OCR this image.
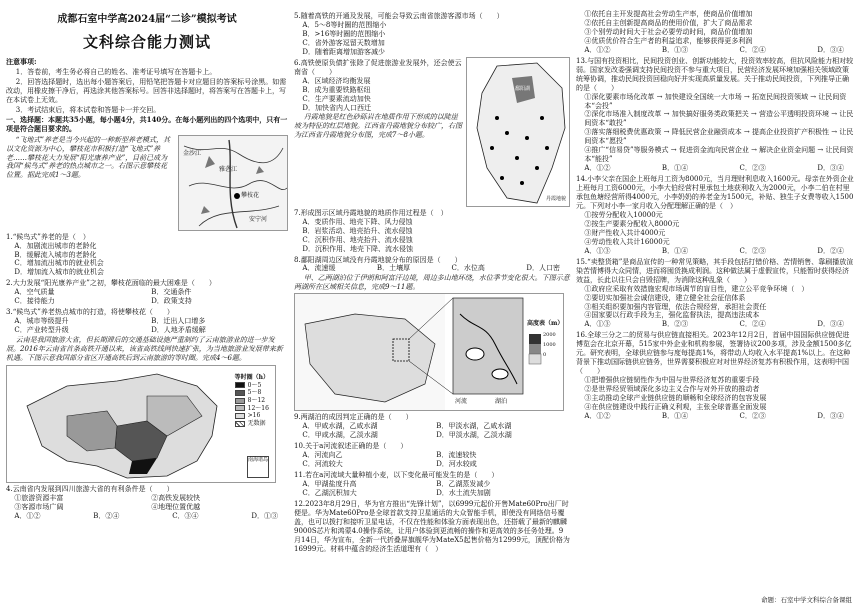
成都石室中学高2024届“二诊”模拟考试
文科综合能力测试
注意事项:
1．答卷前，考生务必将自己的姓名、准考证号填写在答题卡上。
2．回答选择题时，选出每小题答案后，用铅笔把答题卡对应题目的答案标号涂黑。如需改动，用橡皮擦干净后，再选涂其他答案标号。回答非选择题时，将答案写在答题卡上，写在本试卷上无效。
3．考试结束后，将本试卷和答题卡一并交回。
一、选择题：本题共35小题，每小题4分，共140分。在每小题列出的四个选项中，只有一项是符合题目要求的。
“飞地式”养老是当今兴起的一种新型养老模式，其以文化资源为中心，攀枝花市积极打造“飞地式”养老……攀枝花大力发展“阳光康养产业”，目前已成为我国“候鸟式”养老的热点城市之一。右图示意攀枝花位置。据此完成1～3题。
攀枝花
金沙江
雅砻江
安宁河
1.“候鸟式”养老的是（　）
A．加剧流出城市的老龄化
B．缓解流入城市的老龄化
C．增加流出城市的就业机会
D．增加流入城市的就业机会
2.大力发展“阳光康养产业”之初，攀枝花面临的最大困难是（　　）
A．空气质量	B．交通条件
C．接待能力	D．政策支持
3.“候鸟式”养老热点城市的打造，将使攀枝花（　　）
A．城市等级提升	B．迁出人口增多
C．产业转型升级	D．人地矛盾缓解
云南是我国旅游大省，但长期滞后的交通基础设施严重制约了云南旅游业的进一步发展。2016年云南省首条高铁开通以来，该省高铁线网快速扩张，为当地旅游业发展带来新机遇。下图示意我国部分省区开通高铁后到云南旅游的等时圈。完成4～6题。
等时圈（h）
0～5
5～8
8～12
12～16
>16
无数据
南海诸岛
4.云南省内发展到四川旅游大省的有利条件是（　　）
①旅游资源丰富	②高铁发展较快
③客源市场广阔	④地理位置优越
A．①②	B．②④	C．③④	D．①③
5.随着高铁的开通及发展，可能会导致云南省旅游客源市场（　　）
A．5～8等时圈的范围缩小
B．>16等时圈的范围缩小
C．省外游客逗留天数增加
D．随着距离增加游客减少
6.高铁使原负债扩张除了促进旅游业发展外，还会使云南省（　　）
A．区域经济均衡发展
B．成为重要铁路枢纽
C．生产要素流动加快
D．加快省内人口西迁
丹霞地貌是红色砂砾岩在地质作用下形成的以陡崖坡为特征的红层地貌。江西省丹霞地貌分布较广，右图为江西省丹霞地貌分布图，完成7～8小题。
鄱阳湖
丹霞地貌
7.形成图示区域丹霞地貌的地质作用过程是（　）
A．变质作用、地壳下降、风力侵蚀
B．岩浆活动、地壳抬升、流水侵蚀
C．沉积作用、地壳抬升、流水侵蚀
D．沉积作用、地壳下降、流水侵蚀
8.鄱阳湖周边区域没有丹霞地貌分布的原因是（　　）
A．流速缓	B．土壤厚	C．水位高	D．人口密
甲、乙两湖泊位于伊朗和阿富汗边境，周边多山地环绕，水位季节变化很大。下图示意两湖所在区域相关信息，完成9～11题。
高度表（m）
2000
1000
0
河流	湖泊
9.两湖泊的成因判定正确的是（　　）
A．甲咸水湖，乙咸水湖	B．甲淡水湖，乙咸水湖
C．甲咸水湖，乙淡水湖	D．甲淡水湖，乙淡水湖
10.关于a河流叙述正确的是（　　）
A．河流向乙	B．流速较快
C．河流较大	D．河水较咸
11.若在a河流域大量种植小麦，以下变化最可能发生的是（　　）
A．甲湖盐度升高	B．乙湖蒸发减少
C．乙湖沉积加大	D．水土流失加剧
12.2023年8月29日，华为官方推出“先锋计划”，以6999元起价开售Mate60Pro出厂时便是。华为Mate60Pro是全球首款支持卫星通话的大众智能手机，即使没有网络信号覆盖，也可以拨打和接听卫星电话，不仅在性能和体验方面表现出色，还搭载了最新的麒麟9000S芯片和鸿蒙4.0操作系统，让用户体验到更流畅的操作和更高效的多任务处理。9月14日，华为宣布，全新一代折叠屏旗舰华为MateX5起售价格为12999元，顶配价格为16999元。材料中蕴含的经济生活道理有（　）
①依托自主开发提高社会劳动生产率，使商品价值增加
②依托自主创新提高商品的使用价值，扩大了商品需求
③个别劳动时间大于社会必要劳动时间，商品价值增加
④优质优价符合生产者的利益追求，能够获得更多利润
A．①②	B．①③	C．②④	D．③④
13.与国有投资相比，民间投资创业、创新功能较大，投资效率较高，但抗风险能力相对较弱。国家发改委强调支持民间投资不参与重大项目，民营经济发展环境加强相关领域政策统筹协调，推动民间投资回稳向好并实现高质量发展。关于推动民间投资，下列推导正确的是（　　）
①深化要素市场化改革 → 加快建设全国统一大市场 → 拓宽民间投资领域 → 让民间资本“会投”
②深化市场准入制度改革 → 加快搞好服务类政策把关 → 营造公平透明投资环境 → 让民间资本“敢投”
③落实落细税费优惠政策 → 降低民营企业融资成本 → 提高企业投资扩产积极性 → 让民间资本“愿投”
④推广“信易贷”等服务模式 → 促进资金流向民营企业 → 解决企业资金问题 → 让民间资本“能投”
A．①②	B．①④	C．②③	D．③④
14.小李父亲在国企上班每月工资为8000元，当月理财利息收入1600元。母亲在外资企业上班每月工资6000元，小李大伯经营村里承包土地获利收入为2000元，小李二伯在村里承包鱼塘经营所得4000元，小李奶奶的养老金为1500元，补贴、独生子女费等收入1500元。下列对小李一家月收入分配理解正确的是（　）
①按劳分配收入10000元
②按生产要素分配收入8000元
③财产性收入共计4000元
④劳动性收入共计16000元
A．①③	B．①④	C．②③	D．②④
15.“卖整货箱”是商品宣传的一种常见策略，其手段包括打错价格、苦情销售、靠刷播放渲染苦情博得大众同情，进而将囤货换成利润。这种做法属于虚假宣传，只能暂时获得经济效益，长此以往只会自毁招牌，为消除这种乱象（　　）
①政府应采取有效措施宏观市场调节的盲目性，建立公平竞争环境（　）
②要切实加强社会诚信建设，建立健全社会征信体系
③相关组织要加强内容管理，依法合规经营，承担社会责任
④国家要以行政手段为主，强化监督执法，提高违法成本
A．①③	B．②③	C．②④	D．③④
16.全球三分之二的贸易与供应链直接相关。2023年12月2日，首届中国国际供应链促进博览会在北京开幕，515家中外企业和机构参展，签署协议200多项，涉及金额1500多亿元。研究表明，全球供应链参与度每提高1%，将带动人均收入水平提高1%以上。在这种背景下推动国际链供应链务，世界需要积极应对对世界经济复苏有积极作用，这表明中国（　　）
①把增强供应链韧性作为中国与世界经济复苏的重要手段
②是世界经贸领域深化多边主义合作与对外开放的推动者
③主动推动全球产业链供应链的顺畅和全球经济的包容发展
④在供应链建设中践行正确义利观，主张全球普惠全面发展
A．①②	B．①④	C．②③	D．③④
命题：石室中学文科综合备课组
